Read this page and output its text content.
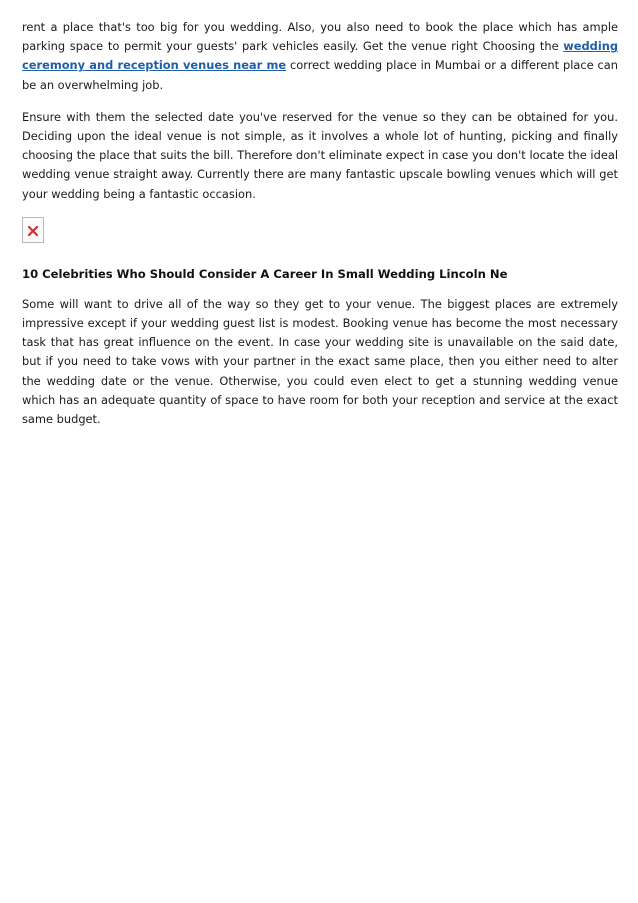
rent a place that's too big for you wedding. Also, you also need to book the place which has ample parking space to permit your guests' park vehicles easily. Get the venue right Choosing the wedding ceremony and reception venues near me correct wedding place in Mumbai or a different place can be an overwhelming job.

Ensure with them the selected date you've reserved for the venue so they can be obtained for you. Deciding upon the ideal venue is not simple, as it involves a whole lot of hunting, picking and finally choosing the place that suits the bill. Therefore don't eliminate expect in case you don't locate the ideal wedding venue straight away. Currently there are many fantastic upscale bowling venues which will get your wedding being a fantastic occasion.

10 Celebrities Who Should Consider A Career In Small Wedding Lincoln Ne

Some will want to drive all of the way so they get to your venue. The biggest places are extremely impressive except if your wedding guest list is modest. Booking venue has become the most necessary task that has great influence on the event. In case your wedding site is unavailable on the said date, but if you need to take vows with your partner in the exact same place, then you either need to alter the wedding date or the venue. Otherwise, you could even elect to get a stunning wedding venue which has an adequate quantity of space to have room for both your reception and service at the exact same budget.
